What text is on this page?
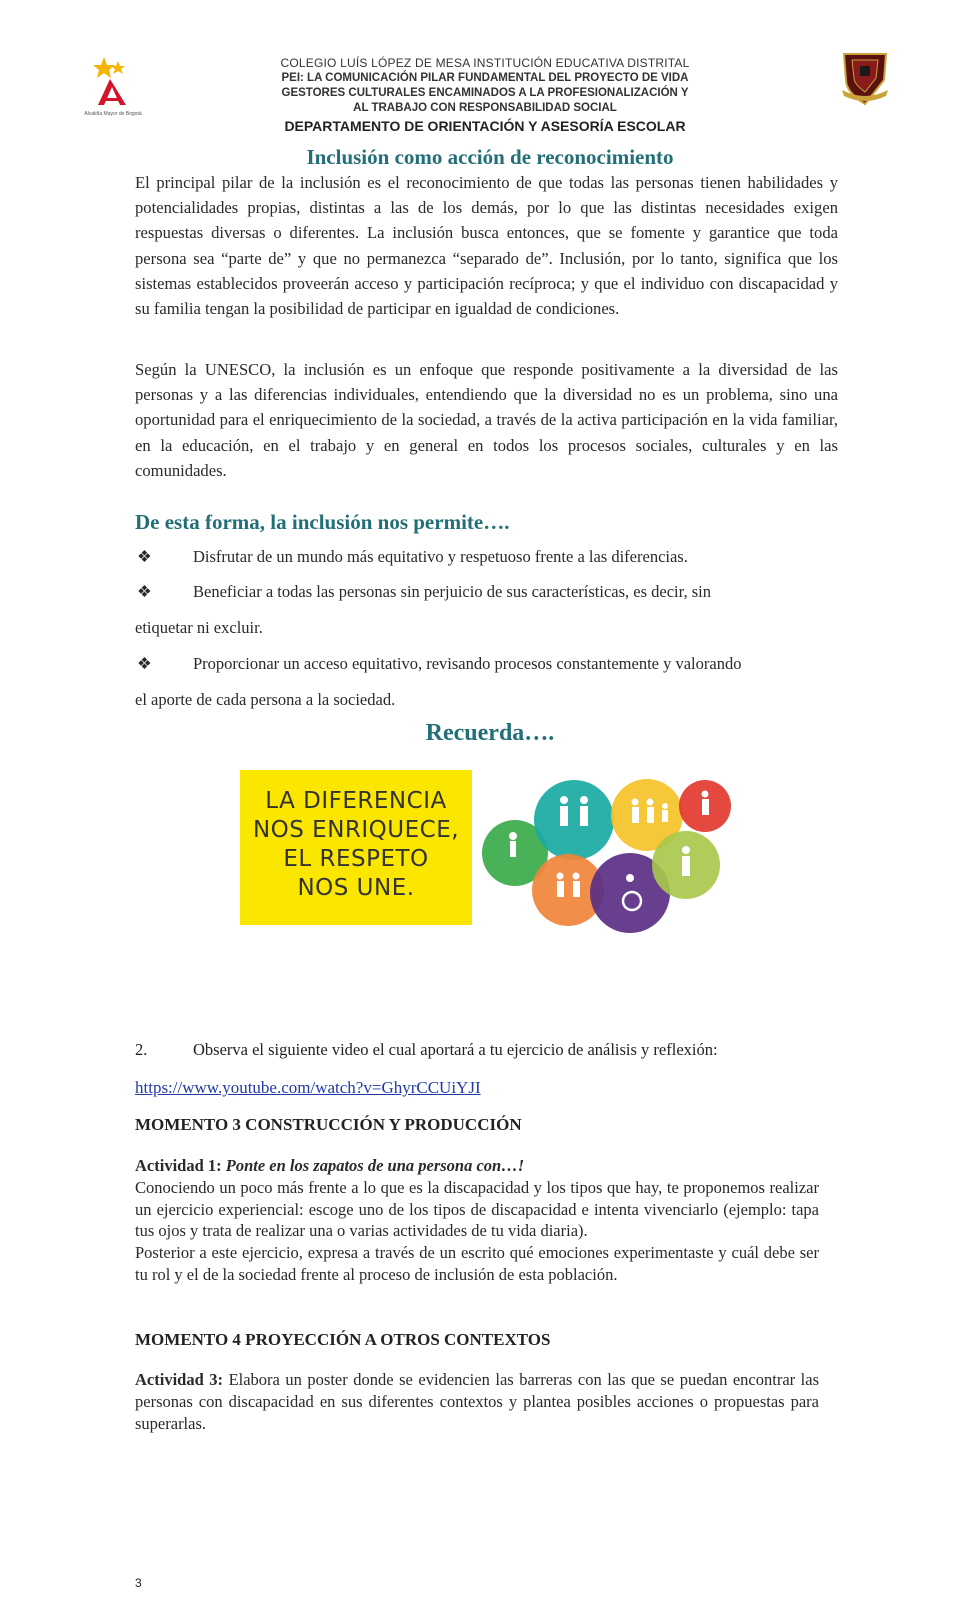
Alcaldía Mayor de Bogotá
COLEGIO LUÍS LÓPEZ DE MESA INSTITUCIÓN EDUCATIVA DISTRITAL
PEI: LA COMUNICACIÓN PILAR FUNDAMENTAL DEL PROYECTO DE VIDA
GESTORES CULTURALES ENCAMINADOS A LA PROFESIONALIZACIÓN Y
AL TRABAJO CON RESPONSABILIDAD SOCIAL
DEPARTAMENTO DE ORIENTACIÓN Y ASESORÍA ESCOLAR
Inclusión como acción de reconocimiento
El principal pilar de la inclusión es el reconocimiento de que todas las personas tienen habilidades y potencialidades propias, distintas a las de los demás, por lo que las distintas necesidades exigen respuestas diversas o diferentes. La inclusión busca entonces, que se fomente y garantice que toda persona sea “parte de” y que no permanezca “separado de”. Inclusión, por lo tanto, significa que los sistemas establecidos proveerán acceso y participación recíproca; y que el individuo con discapacidad y su familia tengan la posibilidad de participar en igualdad de condiciones.
Según la UNESCO, la inclusión es un enfoque que responde positivamente a la diversidad de las personas y a las diferencias individuales, entendiendo que la diversidad no es un problema, sino una oportunidad para el enriquecimiento de la sociedad, a través de la activa participación en la vida familiar, en la educación, en el trabajo y en general en todos los procesos sociales, culturales y en las comunidades.
De esta forma, la inclusión nos permite….
❖ Disfrutar de un mundo más equitativo y respetuoso frente a las diferencias.
❖ Beneficiar a todas las personas sin perjuicio de sus características, es decir, sin
etiquetar ni excluir.
❖ Proporcionar un acceso equitativo, revisando procesos constantemente y valorando
el aporte de cada persona a la sociedad.
Recuerda….
LA DIFERENCIA
NOS ENRIQUECE,
EL RESPETO
NOS UNE.
2.	Observa el siguiente video el cual aportará a tu ejercicio de análisis y reflexión:
https://www.youtube.com/watch?v=GhyrCCUiYJI
MOMENTO 3 CONSTRUCCIÓN Y PRODUCCIÓN
Actividad 1: Ponte en los zapatos de una persona con…!
Conociendo un poco más frente a lo que es la discapacidad y los tipos que hay, te proponemos realizar un ejercicio experiencial: escoge uno de los tipos de discapacidad e intenta vivenciarlo (ejemplo: tapa tus ojos y trata de realizar una o varias actividades de tu vida diaria).
Posterior a este ejercicio, expresa a través de un escrito qué emociones experimentaste y cuál debe ser tu rol y el de la sociedad frente al proceso de inclusión de esta población.
MOMENTO 4 PROYECCIÓN A OTROS CONTEXTOS
Actividad 3: Elabora un poster donde se evidencien las barreras con las que se puedan encontrar las personas con discapacidad en sus diferentes contextos y plantea posibles acciones o propuestas para superarlas.
3
